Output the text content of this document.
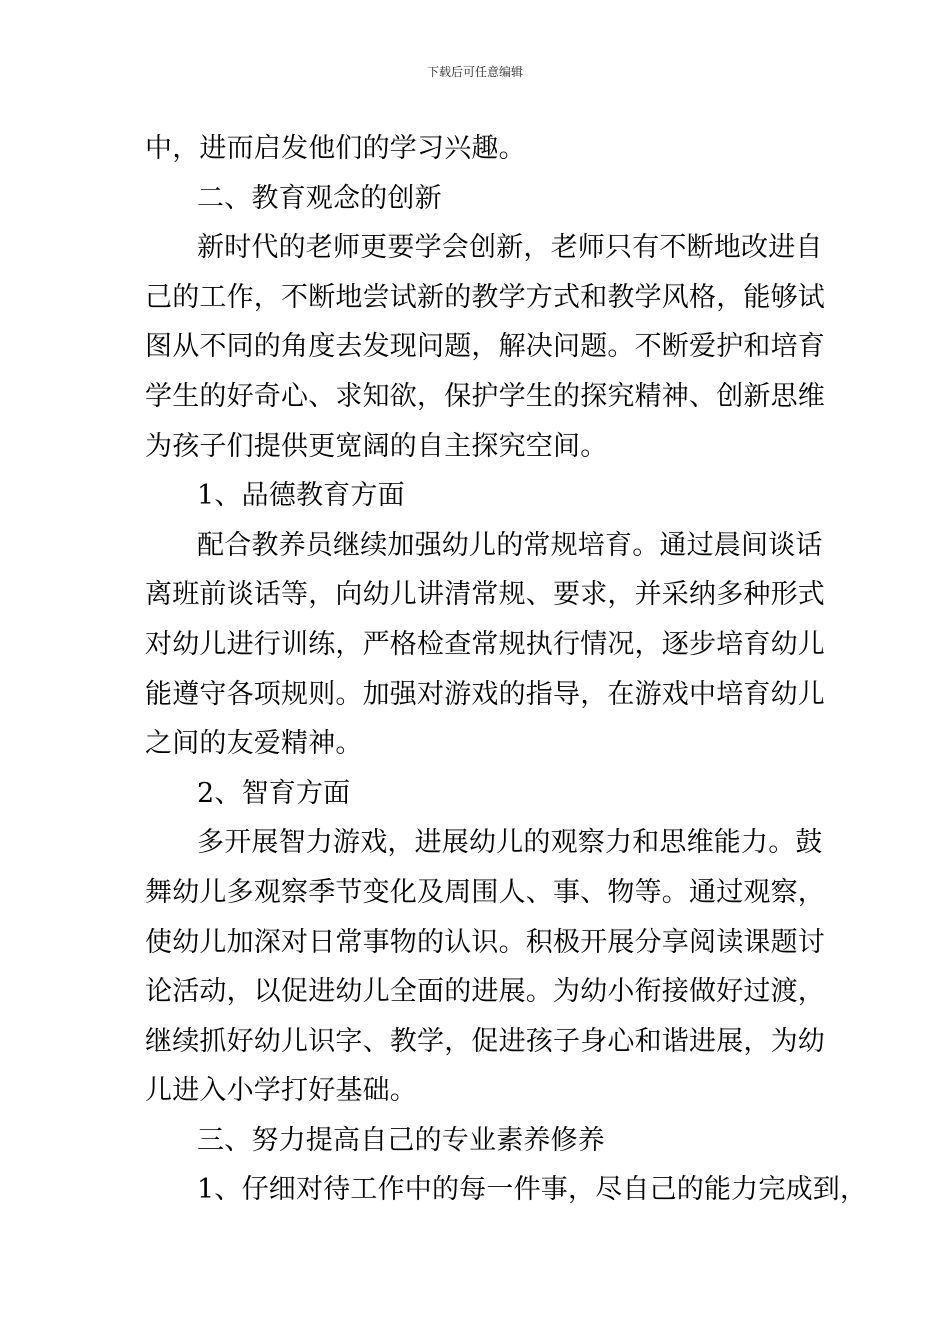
下载后可任意编辑
中，进而启发他们的学习兴趣。
二、教育观念的创新
新时代的老师更要学会创新，老师只有不断地改进自
己的工作，不断地尝试新的教学方式和教学风格，能够试
图从不同的角度去发现问题，解决问题。不断爱护和培育
学生的好奇心、求知欲，保护学生的探究精神、创新思维
为孩子们提供更宽阔的自主探究空间。
1、品德教育方面
配合教养员继续加强幼儿的常规培育。通过晨间谈话
离班前谈话等，向幼儿讲清常规、要求，并采纳多种形式
对幼儿进行训练，严格检查常规执行情况，逐步培育幼儿
能遵守各项规则。加强对游戏的指导，在游戏中培育幼儿
之间的友爱精神。
2、智育方面
多开展智力游戏，进展幼儿的观察力和思维能力。鼓
舞幼儿多观察季节变化及周围人、事、物等。通过观察，
使幼儿加深对日常事物的认识。积极开展分享阅读课题讨
论活动，以促进幼儿全面的进展。为幼小衔接做好过渡，
继续抓好幼儿识字、教学，促进孩子身心和谐进展，为幼
儿进入小学打好基础。
三、努力提高自己的专业素养修养
1、仔细对待工作中的每一件事，尽自己的能力完成到，
